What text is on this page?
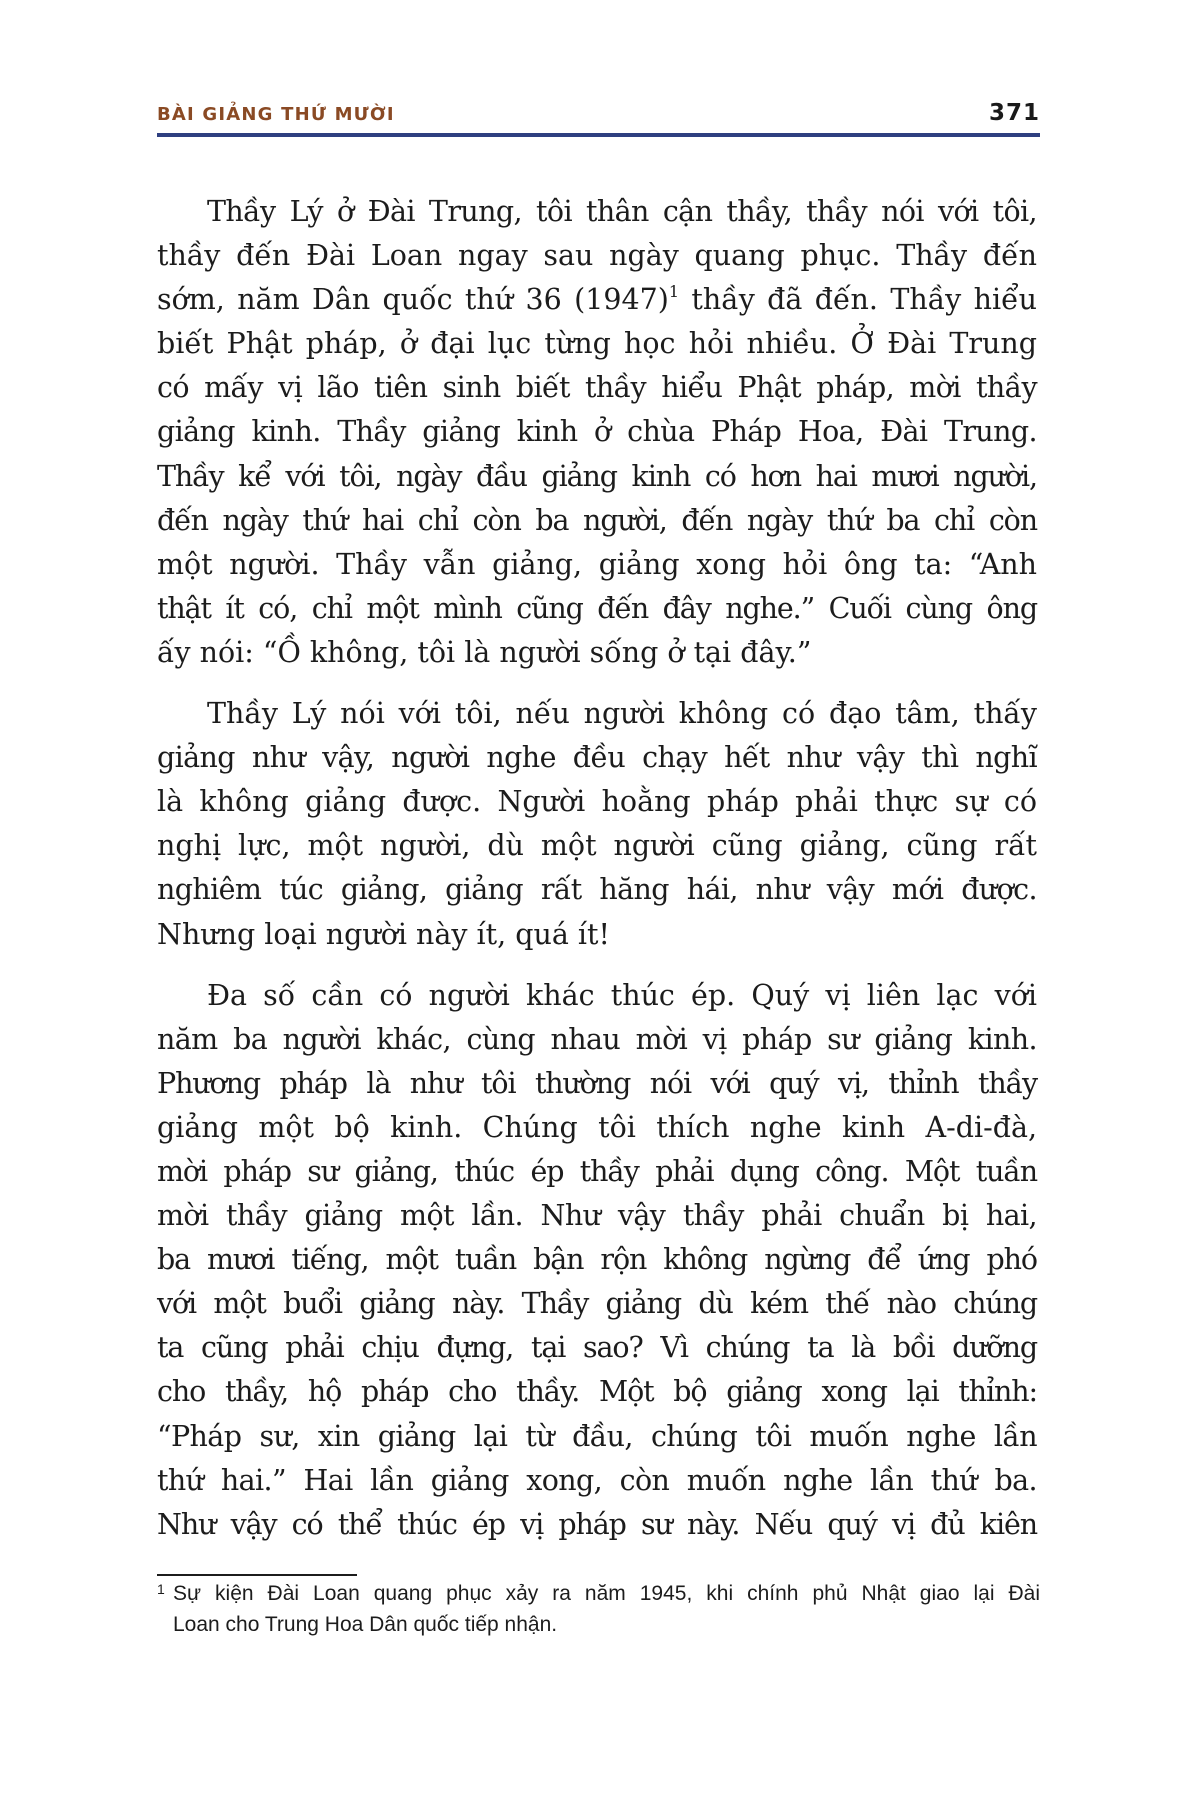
BÀI GIẢNG THỨ MƯỜI	371

Thầy Lý ở Đài Trung, tôi thân cận thầy, thầy nói với tôi,
thầy đến Đài Loan ngay sau ngày quang phục. Thầy đến
sớm, năm Dân quốc thứ 36 (1947)$^1$ thầy đã đến. Thầy hiểu
biết Phật pháp, ở đại lục từng học hỏi nhiều. Ở Đài Trung
có mấy vị lão tiên sinh biết thầy hiểu Phật pháp, mời thầy
giảng kinh. Thầy giảng kinh ở chùa Pháp Hoa, Đài Trung.
Thầy kể với tôi, ngày đầu giảng kinh có hơn hai mươi người,
đến ngày thứ hai chỉ còn ba người, đến ngày thứ ba chỉ còn
một người. Thầy vẫn giảng, giảng xong hỏi ông ta: “Anh
thật ít có, chỉ một mình cũng đến đây nghe.” Cuối cùng ông
ấy nói: “Ồ không, tôi là người sống ở tại đây.”

Thầy Lý nói với tôi, nếu người không có đạo tâm, thấy
giảng như vậy, người nghe đều chạy hết như vậy thì nghĩ
là không giảng được. Người hoằng pháp phải thực sự có
nghị lực, một người, dù một người cũng giảng, cũng rất
nghiêm túc giảng, giảng rất hăng hái, như vậy mới được.
Nhưng loại người này ít, quá ít!

Đa số cần có người khác thúc ép. Quý vị liên lạc với
năm ba người khác, cùng nhau mời vị pháp sư giảng kinh.
Phương pháp là như tôi thường nói với quý vị, thỉnh thầy
giảng một bộ kinh. Chúng tôi thích nghe kinh A-di-đà,
mời pháp sư giảng, thúc ép thầy phải dụng công. Một tuần
mời thầy giảng một lần. Như vậy thầy phải chuẩn bị hai,
ba mươi tiếng, một tuần bận rộn không ngừng để ứng phó
với một buổi giảng này. Thầy giảng dù kém thế nào chúng
ta cũng phải chịu đựng, tại sao? Vì chúng ta là bồi dưỡng
cho thầy, hộ pháp cho thầy. Một bộ giảng xong lại thỉnh:
“Pháp sư, xin giảng lại từ đầu, chúng tôi muốn nghe lần
thứ hai.” Hai lần giảng xong, còn muốn nghe lần thứ ba.
Như vậy có thể thúc ép vị pháp sư này. Nếu quý vị đủ kiên

1 Sự kiện Đài Loan quang phục xảy ra năm 1945, khi chính phủ Nhật giao lại Đài
Loan cho Trung Hoa Dân quốc tiếp nhận.
